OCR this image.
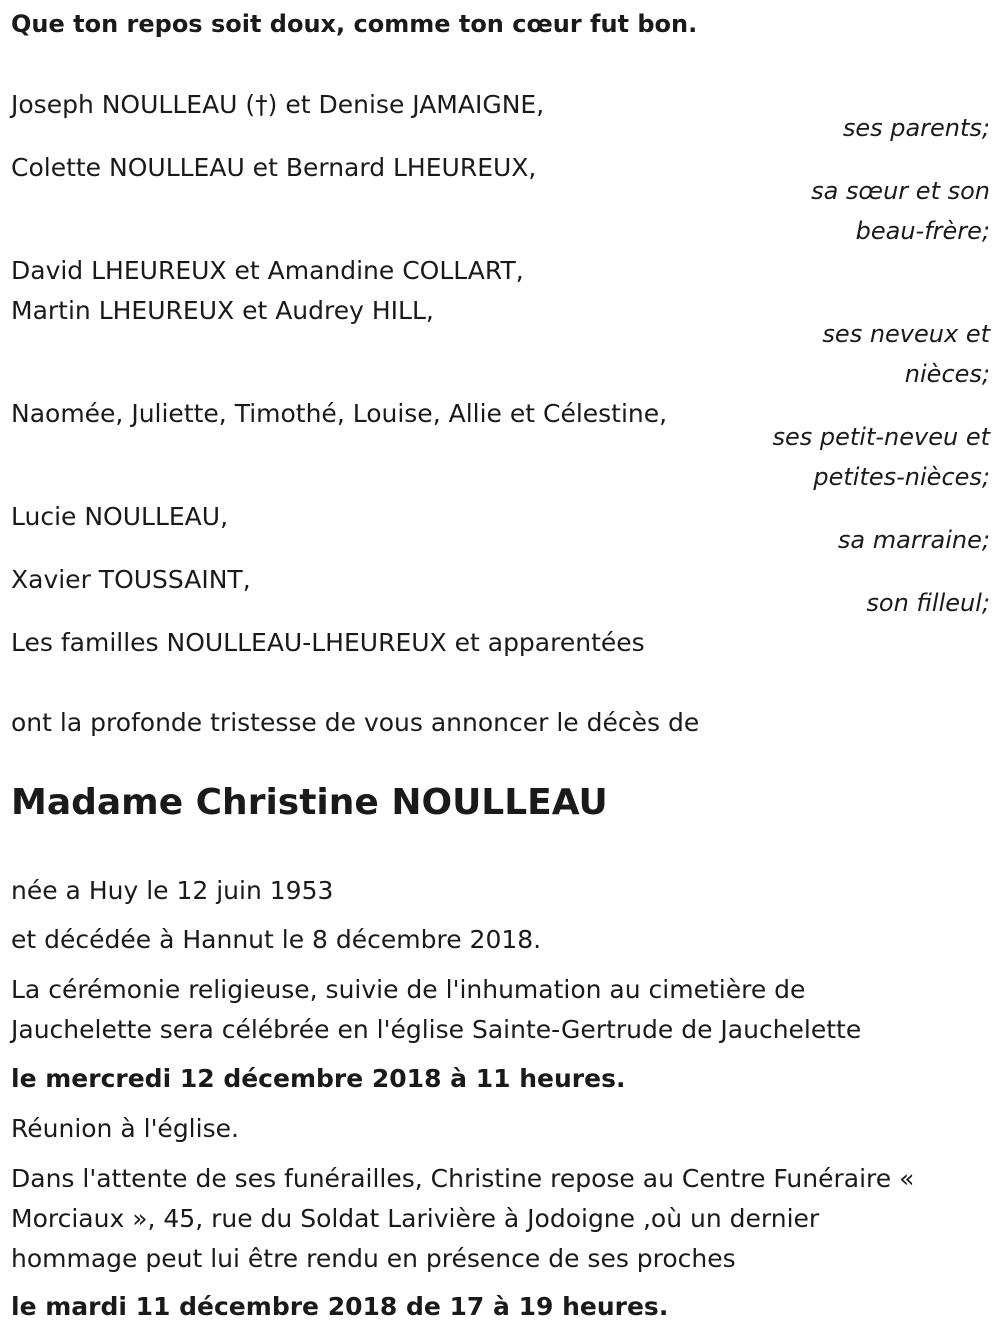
Que ton repos soit doux, comme ton cœur fut bon.

Joseph NOULLEAU (†) et Denise JAMAIGNE,

ses parents;

Colette NOULLEAU et Bernard LHEUREUX,

sa sœur et son

beau-frère;

David LHEUREUX et Amandine COLLART,

Martin LHEUREUX et Audrey HILL,

ses neveux et

nièces;

Naomée, Juliette, Timothé, Louise, Allie et Célestine,

ses petit-neveu et

petites-nièces;

Lucie NOULLEAU,

sa marraine;

Xavier TOUSSAINT,

son filleul;

Les familles NOULLEAU-LHEUREUX et apparentées

ont la profonde tristesse de vous annoncer le décès de

Madame Christine NOULLEAU

née a Huy le 12 juin 1953

et décédée à Hannut le 8 décembre 2018.

La cérémonie religieuse, suivie de l'inhumation au cimetière de

Jauchelette sera célébrée en l'église Sainte-Gertrude de Jauchelette

le mercredi 12 décembre 2018 à 11 heures.

Réunion à l'église.

Dans l'attente de ses funérailles, Christine repose au Centre Funéraire «

Morciaux », 45, rue du Soldat Larivière à Jodoigne ,où un dernier

hommage peut lui être rendu en présence de ses proches

le mardi 11 décembre 2018 de 17 à 19 heures.
